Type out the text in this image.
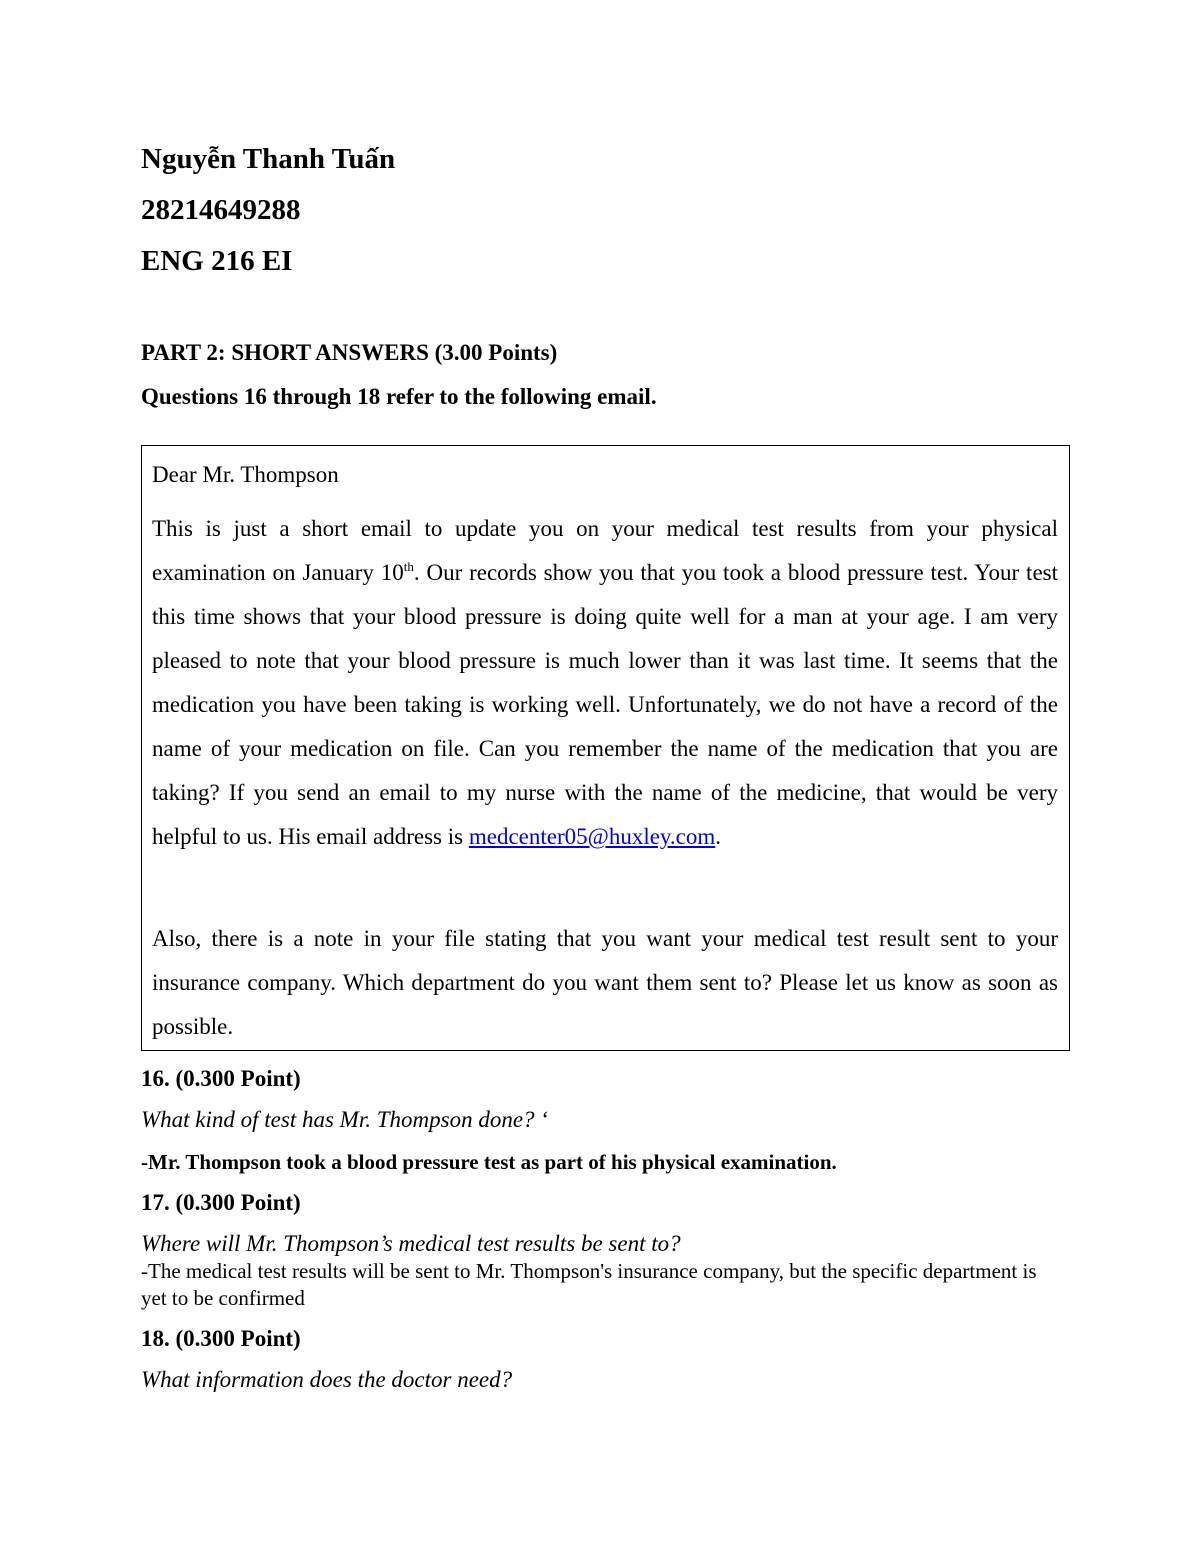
Nguyễn Thanh Tuấn
28214649288
ENG 216 EI
PART 2: SHORT ANSWERS (3.00 Points)
Questions 16 through 18 refer to the following email.
Dear Mr. Thompson
This is just a short email to update you on your medical test results from your physical examination on January 10th. Our records show you that you took a blood pressure test. Your test this time shows that your blood pressure is doing quite well for a man at your age. I am very pleased to note that your blood pressure is much lower than it was last time. It seems that the medication you have been taking is working well. Unfortunately, we do not have a record of the name of your medication on file. Can you remember the name of the medication that you are taking? If you send an email to my nurse with the name of the medicine, that would be very helpful to us. His email address is medcenter05@huxley.com.
Also, there is a note in your file stating that you want your medical test result sent to your insurance company. Which department do you want them sent to? Please let us know as soon as possible.
16. (0.300 Point)
What kind of test has Mr. Thompson done? ‘
-Mr. Thompson took a blood pressure test as part of his physical examination.
17. (0.300 Point)
Where will Mr. Thompson’s medical test results be sent to?
-The medical test results will be sent to Mr. Thompson's insurance company, but the specific department is yet to be confirmed
18. (0.300 Point)
What information does the doctor need?
